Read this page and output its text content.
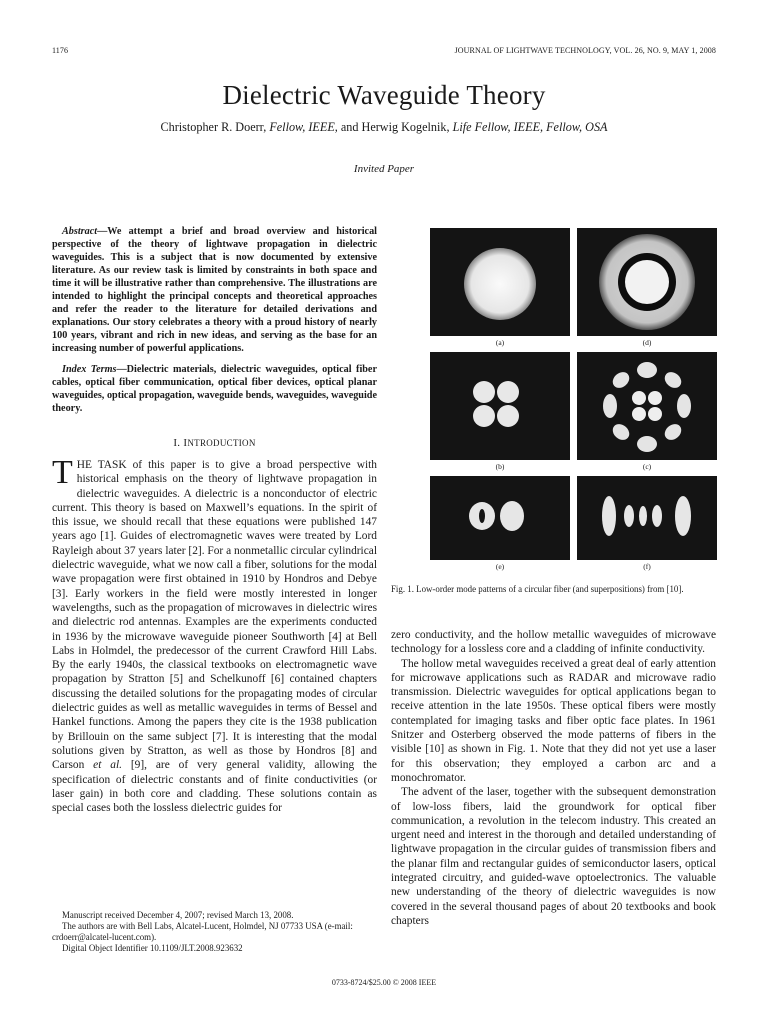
1176	JOURNAL OF LIGHTWAVE TECHNOLOGY, VOL. 26, NO. 9, MAY 1, 2008
Dielectric Waveguide Theory
Christopher R. Doerr, Fellow, IEEE, and Herwig Kogelnik, Life Fellow, IEEE, Fellow, OSA
Invited Paper

Abstract—We attempt a brief and broad overview and historical perspective of the theory of lightwave propagation in dielectric waveguides. This is a subject that is now documented by extensive literature. As our review task is limited by constraints in both space and time it will be illustrative rather than comprehensive. The illustrations are intended to highlight the principal concepts and theoretical approaches and refer the reader to the literature for detailed derivations and explanations. Our story celebrates a theory with a proud history of nearly 100 years, vibrant and rich in new ideas, and serving as the base for an increasing number of powerful applications.

Index Terms—Dielectric materials, dielectric waveguides, optical fiber cables, optical fiber communication, optical fiber devices, optical planar waveguides, optical propagation, waveguide bends, waveguides, waveguide theory.

I. INTRODUCTION

THE TASK of this paper is to give a broad perspective with historical emphasis on the theory of lightwave propagation in dielectric waveguides. A dielectric is a nonconductor of electric current. This theory is based on Maxwell’s equations. In the spirit of this issue, we should recall that these equations were published 147 years ago [1]. Guides of electromagnetic waves were treated by Lord Rayleigh about 37 years later [2]. For a nonmetallic circular cylindrical dielectric waveguide, what we now call a fiber, solutions for the modal wave propagation were first obtained in 1910 by Hondros and Debye [3]. Early workers in the field were mostly interested in longer wavelengths, such as the propagation of microwaves in dielectric wires and dielectric rod antennas. Examples are the experiments conducted in 1936 by the microwave waveguide pioneer Southworth [4] at Bell Labs in Holmdel, the predecessor of the current Crawford Hill Labs. By the early 1940s, the classical textbooks on electromagnetic wave propagation by Stratton [5] and Schelkunoff [6] contained chapters discussing the detailed solutions for the propagating modes of circular dielectric guides as well as metallic waveguides in terms of Bessel and Hankel functions. Among the papers they cite is the 1938 publication by Brillouin on the same subject [7]. It is interesting that the modal solutions given by Stratton, as well as those by Hondros [8] and Carson et al. [9], are of very general validity, allowing the specification of dielectric constants and of finite conductivities (or laser gain) in both core and cladding. These solutions contain as special cases both the lossless dielectric guides for

Manuscript received December 4, 2007; revised March 13, 2008.
The authors are with Bell Labs, Alcatel-Lucent, Holmdel, NJ 07733 USA (e-mail: crdoerr@alcatel-lucent.com).
Digital Object Identifier 10.1109/JLT.2008.923632
(a)	(d)
(b)	(c)
(e)	(f)
Fig. 1. Low-order mode patterns of a circular fiber (and superpositions) from [10].

zero conductivity, and the hollow metallic waveguides of microwave technology for a lossless core and a cladding of infinite conductivity.

The hollow metal waveguides received a great deal of early attention for microwave applications such as RADAR and microwave radio transmission. Dielectric waveguides for optical applications began to receive attention in the late 1950s. These optical fibers were mostly contemplated for imaging tasks and fiber optic face plates. In 1961 Snitzer and Osterberg observed the mode patterns of fibers in the visible [10] as shown in Fig. 1. Note that they did not yet use a laser for this observation; they employed a carbon arc and a monochromator.

The advent of the laser, together with the subsequent demonstration of low-loss fibers, laid the groundwork for optical fiber communication, a revolution in the telecom industry. This created an urgent need and interest in the thorough and detailed understanding of lightwave propagation in the circular guides of transmission fibers and the planar film and rectangular guides of semiconductor lasers, optical integrated circuitry, and guided-wave optoelectronics. The valuable new understanding of the theory of dielectric waveguides is now covered in the several thousand pages of about 20 textbooks and book chapters

0733-8724/$25.00 © 2008 IEEE
